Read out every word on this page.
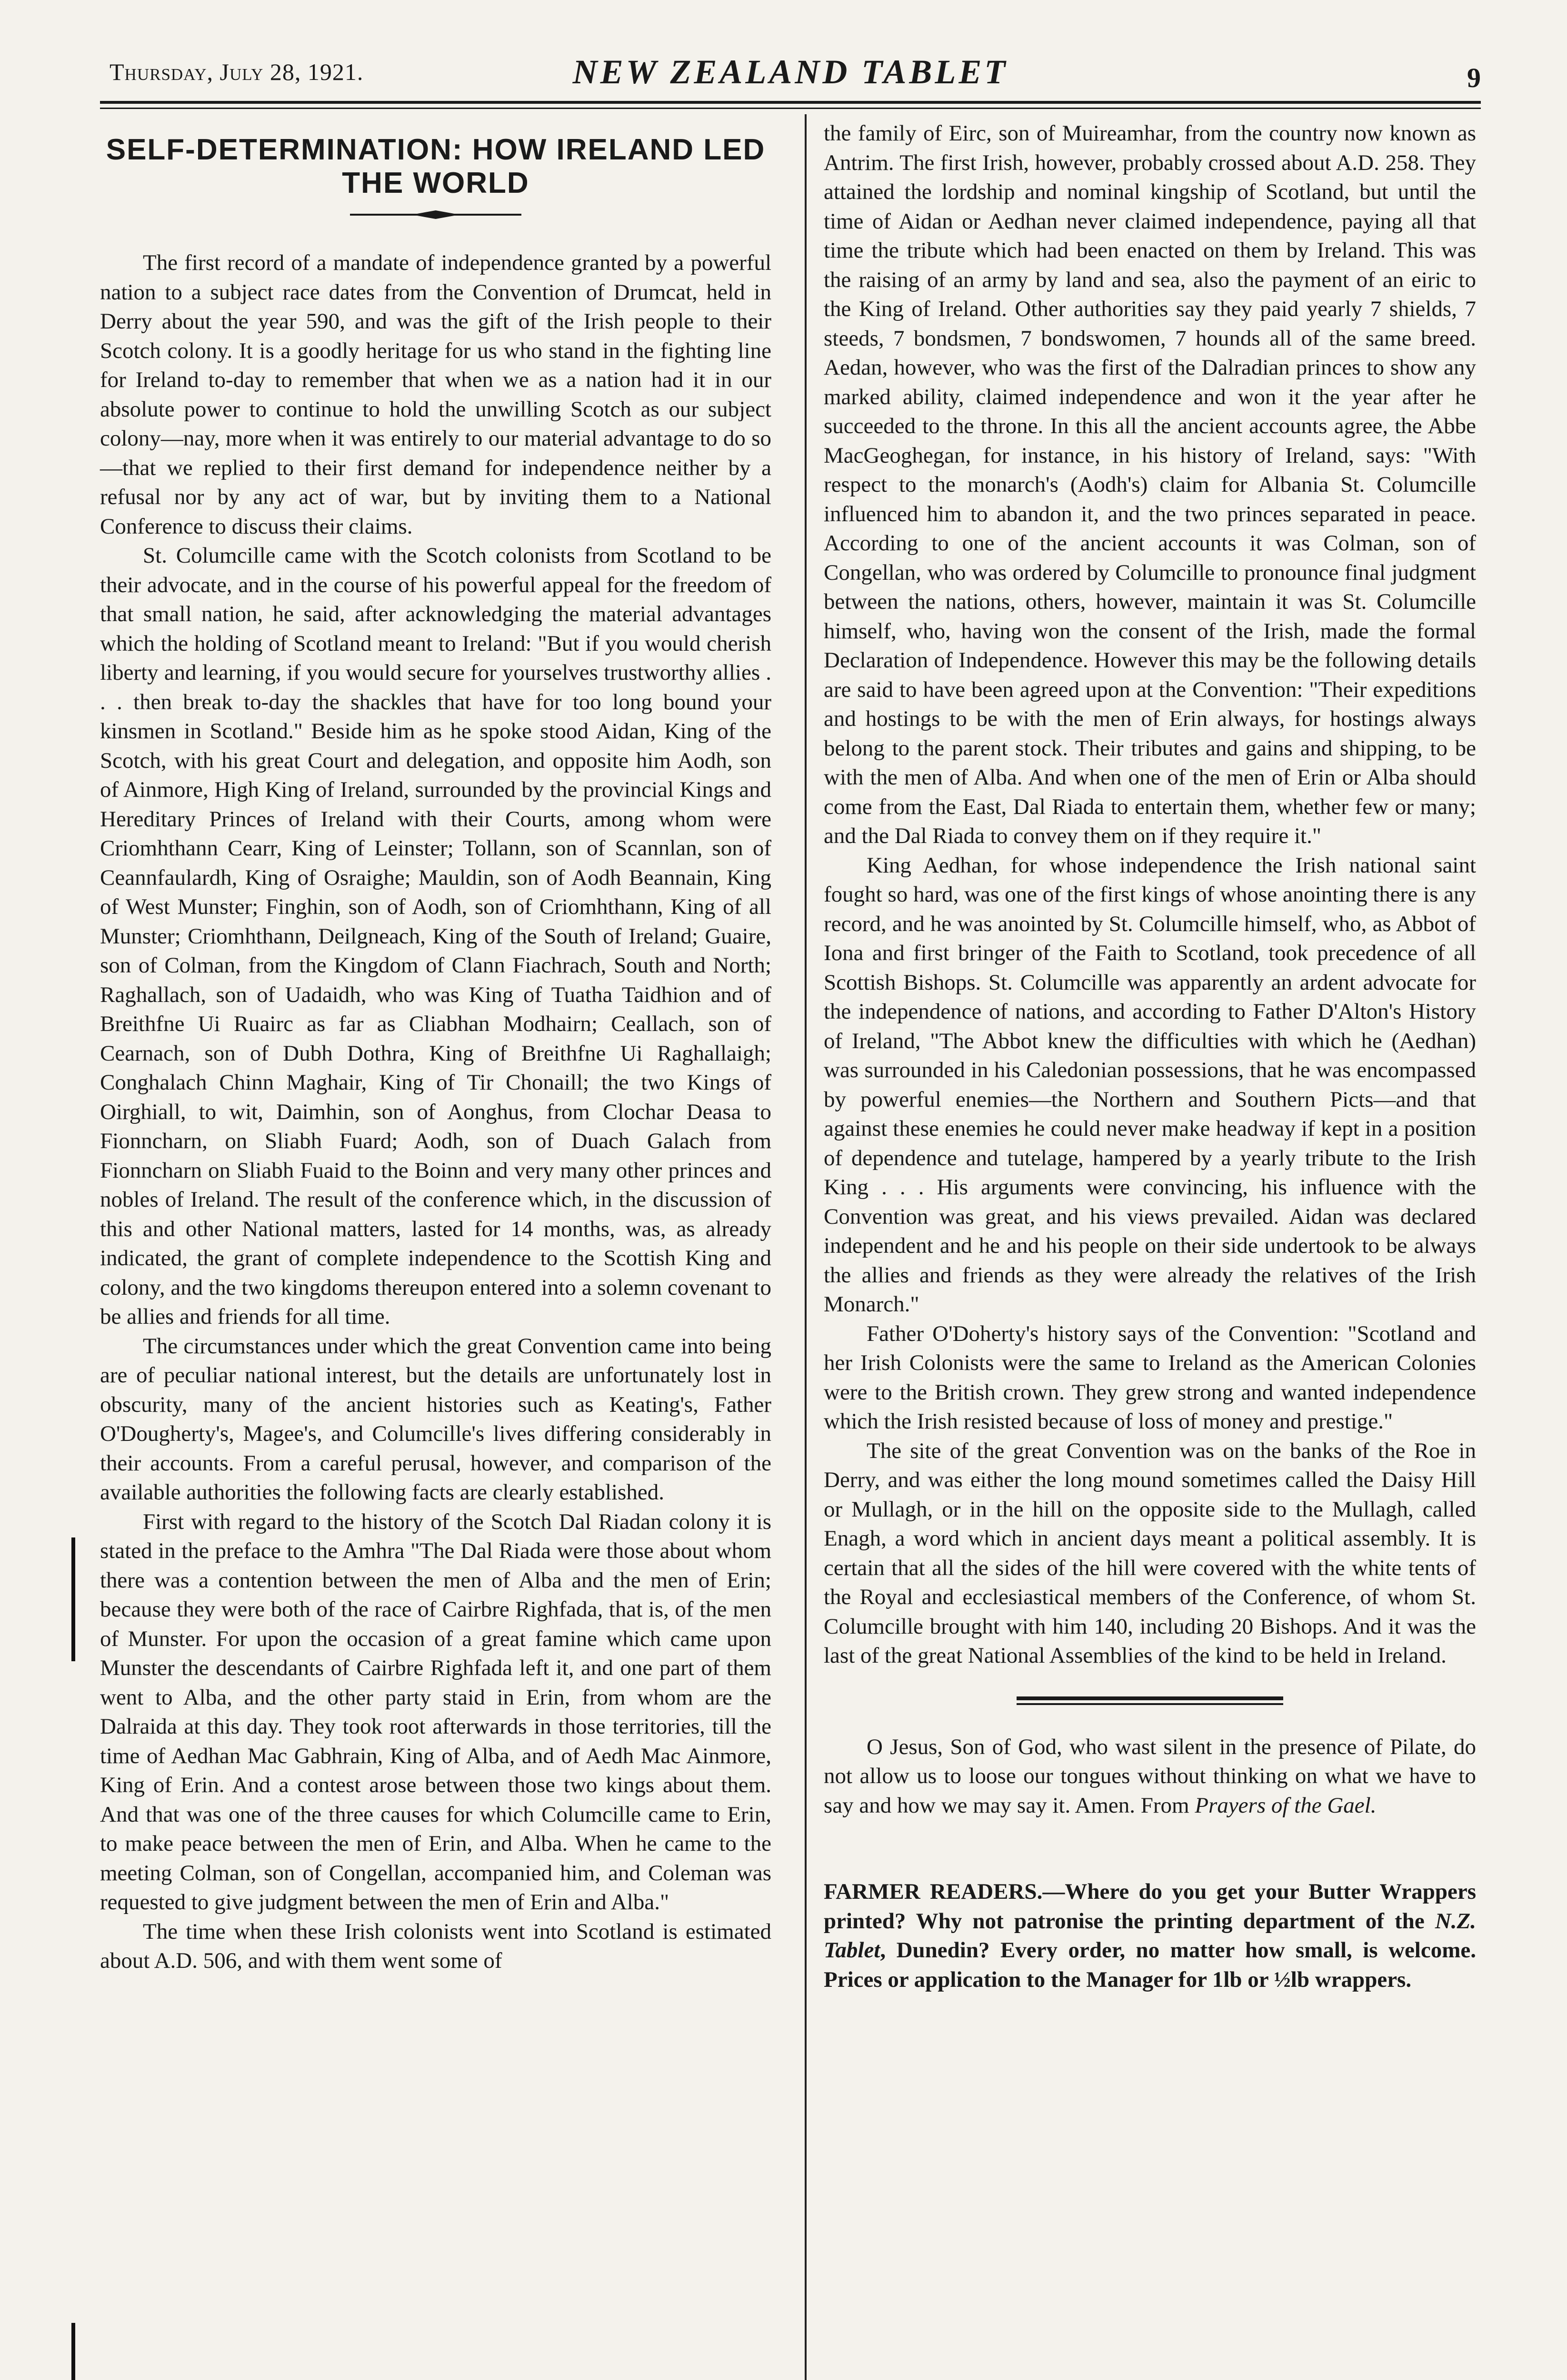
Thursday, July 28, 1921.	NEW ZEALAND TABLET	9
SELF-DETERMINATION: HOW IRELAND LED THE WORLD

The first record of a mandate of independence granted by a powerful nation to a subject race dates from the Convention of Drumcat, held in Derry about the year 590, and was the gift of the Irish people to their Scotch colony. It is a goodly heritage for us who stand in the fighting line for Ireland to-day to remember that when we as a nation had it in our absolute power to continue to hold the unwilling Scotch as our subject colony—nay, more when it was entirely to our material advantage to do so—that we replied to their first demand for independence neither by a refusal nor by any act of war, but by inviting them to a National Conference to discuss their claims.

St. Columcille came with the Scotch colonists from Scotland to be their advocate, and in the course of his powerful appeal for the freedom of that small nation, he said, after acknowledging the material advantages which the holding of Scotland meant to Ireland: "But if you would cherish liberty and learning, if you would secure for yourselves trustworthy allies . . . then break to-day the shackles that have for too long bound your kinsmen in Scotland." Beside him as he spoke stood Aidan, King of the Scotch, with his great Court and delegation, and opposite him Aodh, son of Ainmore, High King of Ireland, surrounded by the provincial Kings and Hereditary Princes of Ireland with their Courts, among whom were Criomhthann Cearr, King of Leinster; Tollann, son of Scannlan, son of Ceannfaulardh, King of Osraighe; Mauldin, son of Aodh Beannain, King of West Munster; Finghin, son of Aodh, son of Criomhthann, King of all Munster; Criomhthann, Deilgneach, King of the South of Ireland; Guaire, son of Colman, from the Kingdom of Clann Fiachrach, South and North; Raghallach, son of Uadaidh, who was King of Tuatha Taidhion and of Breithfne Ui Ruairc as far as Cliabhan Modhairn; Ceallach, son of Cearnach, son of Dubh Dothra, King of Breithfne Ui Raghallaigh; Conghalach Chinn Maghair, King of Tir Chonaill; the two Kings of Oirghiall, to wit, Daimhin, son of Aonghus, from Clochar Deasa to Fionncharn, on Sliabh Fuard; Aodh, son of Duach Galach from Fionncharn on Sliabh Fuaid to the Boinn and very many other princes and nobles of Ireland. The result of the conference which, in the discussion of this and other National matters, lasted for 14 months, was, as already indicated, the grant of complete independence to the Scottish King and colony, and the two kingdoms thereupon entered into a solemn covenant to be allies and friends for all time.

The circumstances under which the great Convention came into being are of peculiar national interest, but the details are unfortunately lost in obscurity, many of the ancient histories such as Keating's, Father O'Dougherty's, Magee's, and Columcille's lives differing considerably in their accounts. From a careful perusal, however, and comparison of the available authorities the following facts are clearly established.

First with regard to the history of the Scotch Dal Riadan colony it is stated in the preface to the Amhra "The Dal Riada were those about whom there was a contention between the men of Alba and the men of Erin; because they were both of the race of Cairbre Righfada, that is, of the men of Munster. For upon the occasion of a great famine which came upon Munster the descendants of Cairbre Righfada left it, and one part of them went to Alba, and the other party staid in Erin, from whom are the Dalraida at this day. They took root afterwards in those territories, till the time of Aedhan Mac Gabhrain, King of Alba, and of Aedh Mac Ainmore, King of Erin. And a contest arose between those two kings about them. And that was one of the three causes for which Columcille came to Erin, to make peace between the men of Erin, and Alba. When he came to the meeting Colman, son of Congellan, accompanied him, and Coleman was requested to give judgment between the men of Erin and Alba."

The time when these Irish colonists went into Scotland is estimated about A.D. 506, and with them went some of

the family of Eirc, son of Muireamhar, from the country now known as Antrim. The first Irish, however, probably crossed about A.D. 258. They attained the lordship and nominal kingship of Scotland, but until the time of Aidan or Aedhan never claimed independence, paying all that time the tribute which had been enacted on them by Ireland. This was the raising of an army by land and sea, also the payment of an eiric to the King of Ireland. Other authorities say they paid yearly 7 shields, 7 steeds, 7 bondsmen, 7 bondswomen, 7 hounds all of the same breed. Aedan, however, who was the first of the Dalradian princes to show any marked ability, claimed independence and won it the year after he succeeded to the throne. In this all the ancient accounts agree, the Abbe MacGeoghegan, for instance, in his history of Ireland, says: "With respect to the monarch's (Aodh's) claim for Albania St. Columcille influenced him to abandon it, and the two princes separated in peace. According to one of the ancient accounts it was Colman, son of Congellan, who was ordered by Columcille to pronounce final judgment between the nations, others, however, maintain it was St. Columcille himself, who, having won the consent of the Irish, made the formal Declaration of Independence. However this may be the following details are said to have been agreed upon at the Convention: "Their expeditions and hostings to be with the men of Erin always, for hostings always belong to the parent stock. Their tributes and gains and shipping, to be with the men of Alba. And when one of the men of Erin or Alba should come from the East, Dal Riada to entertain them, whether few or many; and the Dal Riada to convey them on if they require it."

King Aedhan, for whose independence the Irish national saint fought so hard, was one of the first kings of whose anointing there is any record, and he was anointed by St. Columcille himself, who, as Abbot of Iona and first bringer of the Faith to Scotland, took precedence of all Scottish Bishops. St. Columcille was apparently an ardent advocate for the independence of nations, and according to Father D'Alton's History of Ireland, "The Abbot knew the difficulties with which he (Aedhan) was surrounded in his Caledonian possessions, that he was encompassed by powerful enemies—the Northern and Southern Picts—and that against these enemies he could never make headway if kept in a position of dependence and tutelage, hampered by a yearly tribute to the Irish King . . . His arguments were convincing, his influence with the Convention was great, and his views prevailed. Aidan was declared independent and he and his people on their side undertook to be always the allies and friends as they were already the relatives of the Irish Monarch."

Father O'Doherty's history says of the Convention: "Scotland and her Irish Colonists were the same to Ireland as the American Colonies were to the British crown. They grew strong and wanted independence which the Irish resisted because of loss of money and prestige."

The site of the great Convention was on the banks of the Roe in Derry, and was either the long mound sometimes called the Daisy Hill or Mullagh, or in the hill on the opposite side to the Mullagh, called Enagh, a word which in ancient days meant a political assembly. It is certain that all the sides of the hill were covered with the white tents of the Royal and ecclesiastical members of the Conference, of whom St. Columcille brought with him 140, including 20 Bishops. And it was the last of the great National Assemblies of the kind to be held in Ireland.

O Jesus, Son of God, who wast silent in the presence of Pilate, do not allow us to loose our tongues without thinking on what we have to say and how we may say it. Amen. From Prayers of the Gael.

FARMER READERS.—Where do you get your Butter Wrappers printed? Why not patronise the printing department of the N.Z. Tablet, Dunedin? Every order, no matter how small, is welcome. Prices or application to the Manager for 1lb or ½lb wrappers.
